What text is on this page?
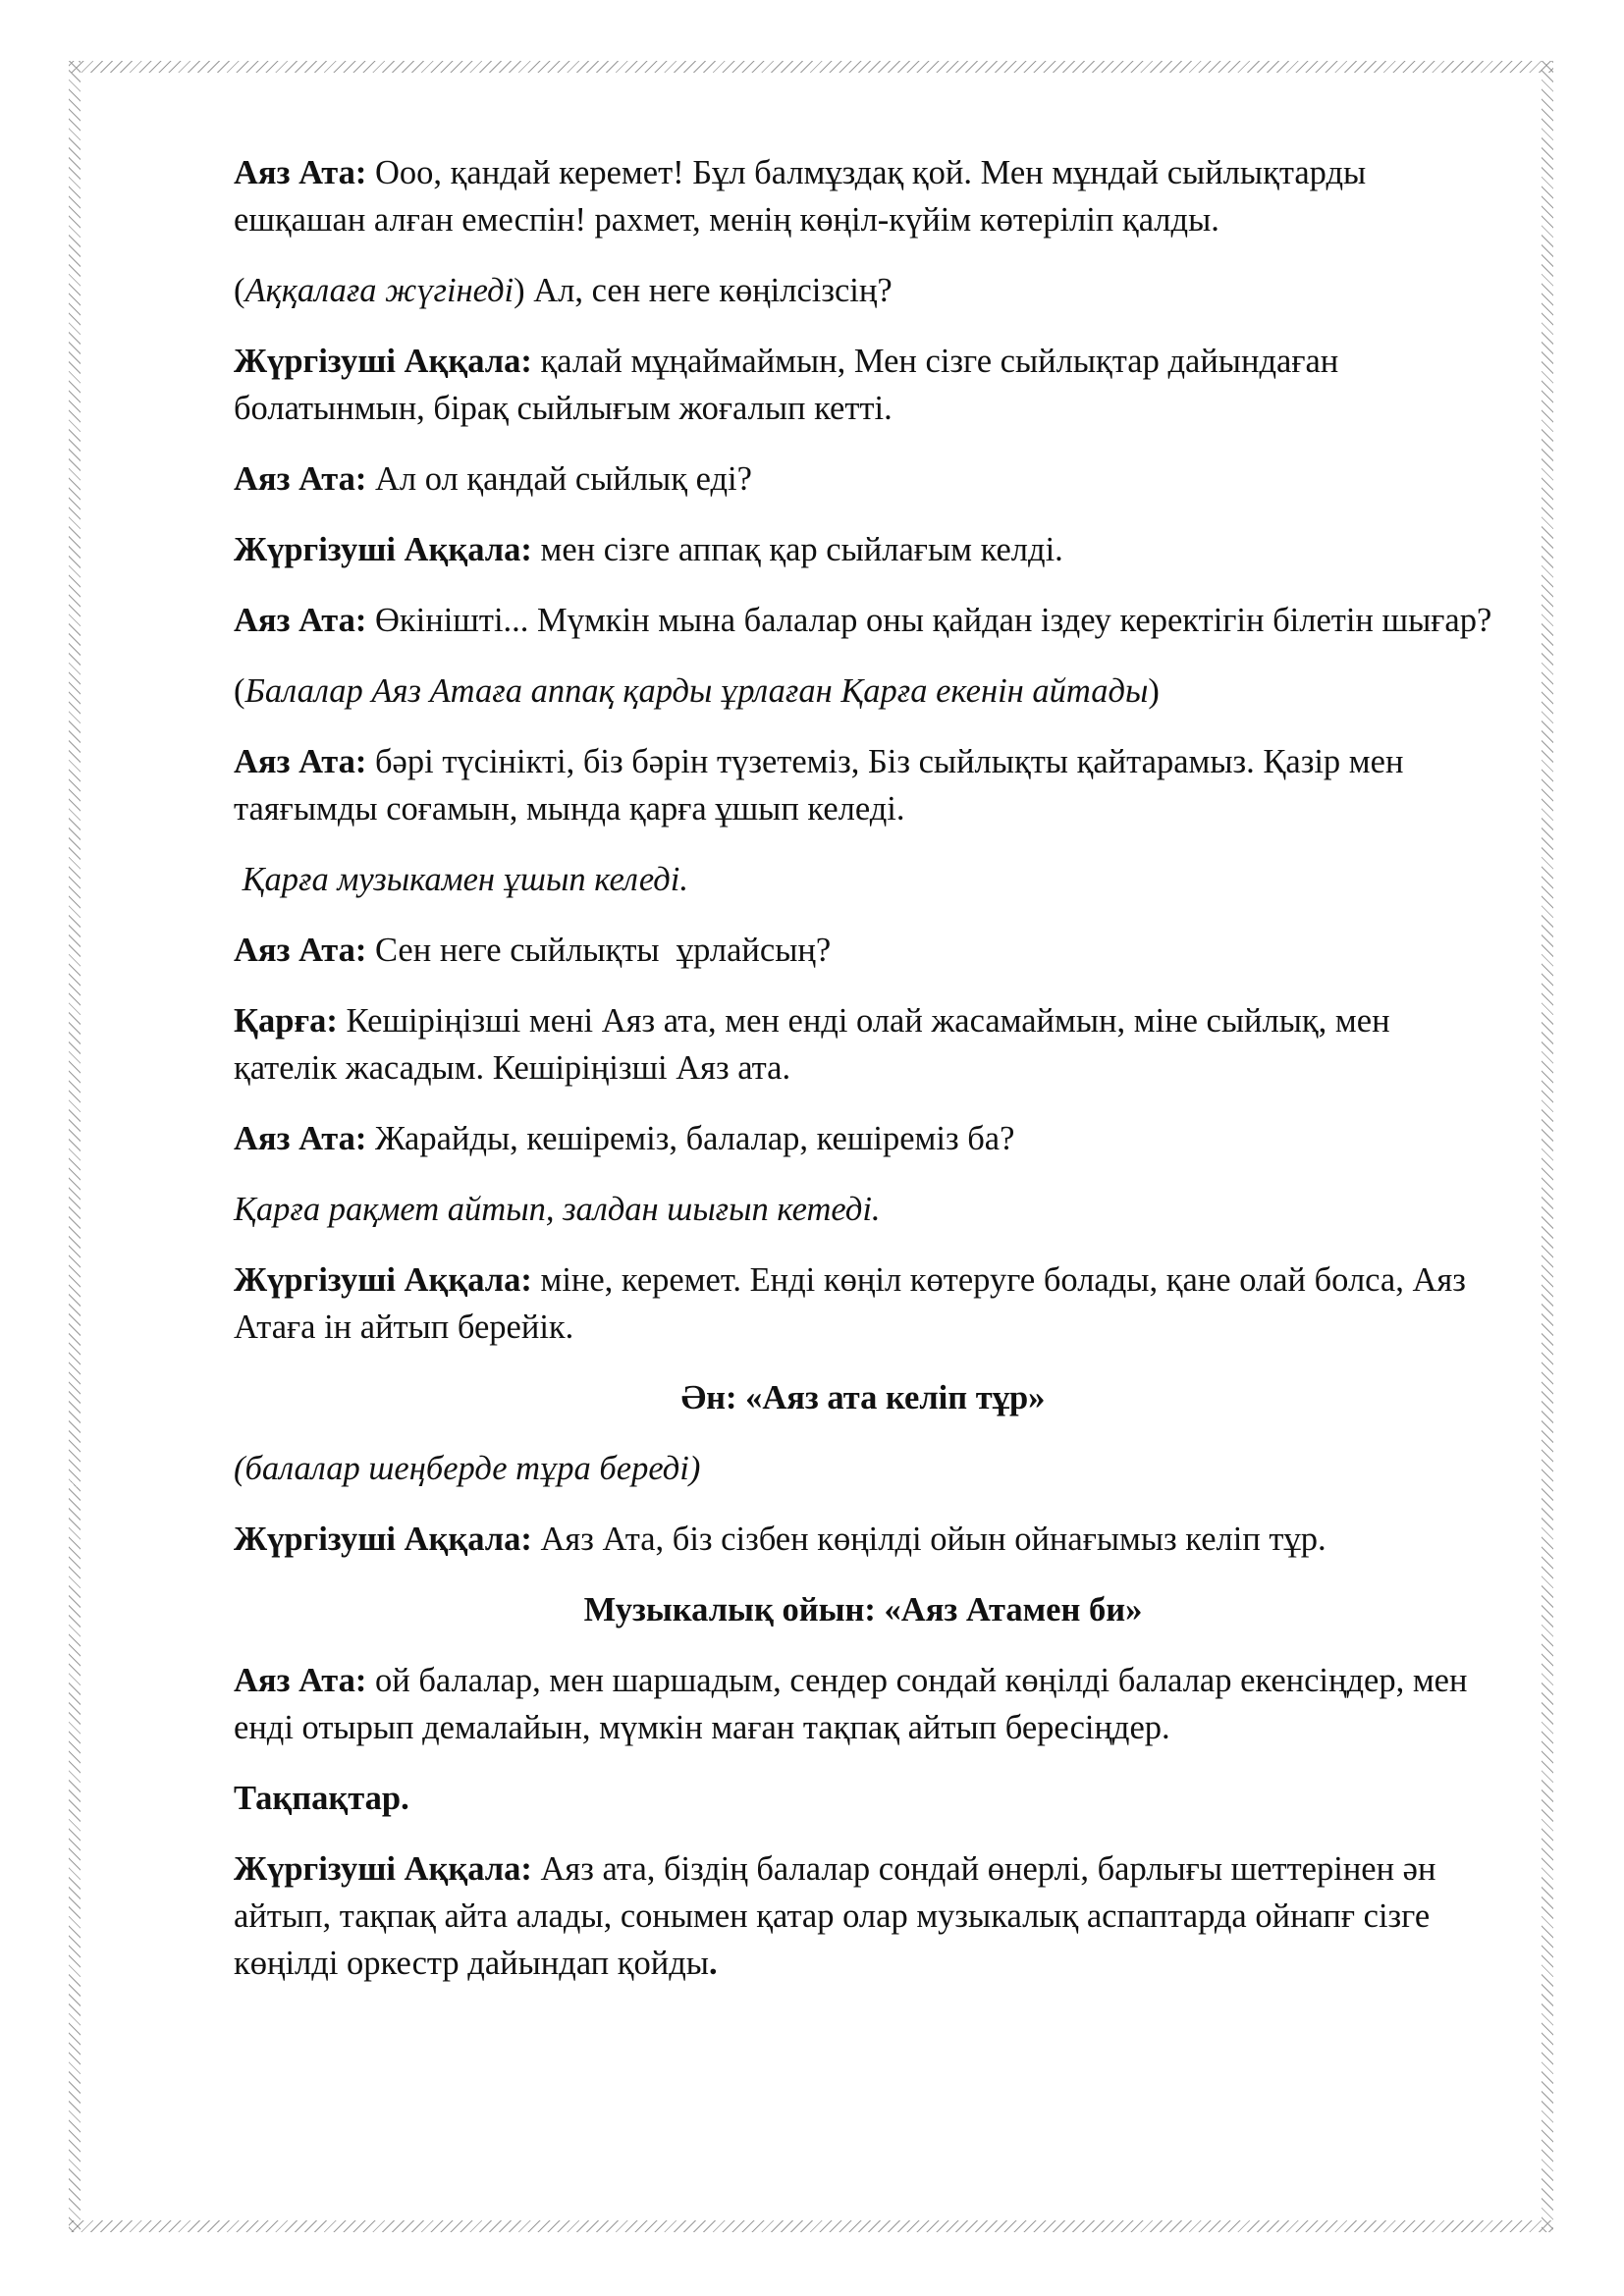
Аяз Ата: Ооо, қандай керемет! Бұл балмұздақ қой. Мен мұндай сыйлықтарды ешқашан алған емеспін! рахмет, менің көңіл-күйім көтеріліп қалды.

(Аққалаға жүгінеді) Ал, сен неге көңілсізсің?

Жүргізуші Аққала: қалай мұңаймаймын, Мен сізге сыйлықтар дайындаған болатынмын, бірақ сыйлығым жоғалып кетті.

Аяз Ата: Ал ол қандай сыйлық еді?

Жүргізуші Аққала: мен сізге аппақ қар сыйлағым келді.

Аяз Ата: Өкінішті... Мүмкін мына балалар оны қайдан іздеу керектігін білетін шығар?

(Балалар Аяз Атаға аппақ қарды ұрлаған Қарға екенін айтады)

Аяз Ата: бәрі түсінікті, біз бәрін түзетеміз, Біз сыйлықты қайтарамыз. Қазір мен таяғымды соғамын, мында қарға ұшып келеді.

Қарға музыкамен ұшып келеді.

Аяз Ата: Сен неге сыйлықты  ұрлайсың?

Қарға: Кешіріңізші мені Аяз ата, мен енді олай жасамаймын, міне сыйлық, мен қателік жасадым. Кешіріңізші Аяз ата.

Аяз Ата: Жарайды, кешіреміз, балалар, кешіреміз ба?

Қарға рақмет айтып, залдан шығып кетеді.

Жүргізуші Аққала: міне, керемет. Енді көңіл көтеруге болады, қане олай болса, Аяз Атаға ін айтып берейік.

Ән: «Аяз ата келіп тұр»

(балалар шеңберде тұра береді)

Жүргізуші Аққала: Аяз Ата, біз сізбен көңілді ойын ойнағымыз келіп тұр.

Музыкалық ойын: «Аяз Атамен би»

Аяз Ата: ой балалар, мен шаршадым, сендер сондай көңілді балалар екенсіңдер, мен енді отырып демалайын, мүмкін маған тақпақ айтып бересіңдер.

Тақпақтар.

Жүргізуші Аққала: Аяз ата, біздің балалар сондай өнерлі, барлығы шеттерінен ән айтып, тақпақ айта алады, сонымен қатар олар музыкалық аспаптарда ойнапғ сізге көңілді оркестр дайындап қойды.
